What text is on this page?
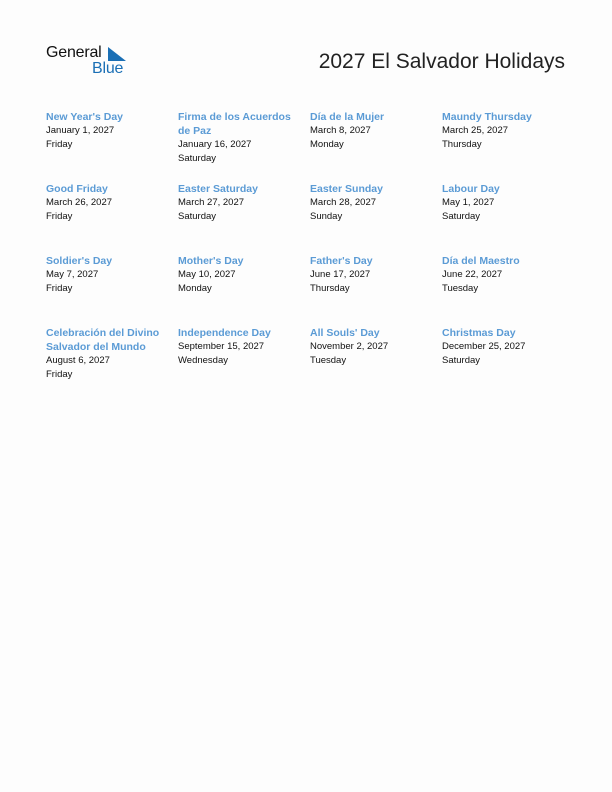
General
Blue	2027 El Salvador Holidays
New Year's Day
January 1, 2027
Friday
Firma de los Acuerdos de Paz
January 16, 2027
Saturday
Día de la Mujer
March 8, 2027
Monday
Maundy Thursday
March 25, 2027
Thursday
Good Friday
March 26, 2027
Friday
Easter Saturday
March 27, 2027
Saturday
Easter Sunday
March 28, 2027
Sunday
Labour Day
May 1, 2027
Saturday
Soldier's Day
May 7, 2027
Friday
Mother's Day
May 10, 2027
Monday
Father's Day
June 17, 2027
Thursday
Día del Maestro
June 22, 2027
Tuesday
Celebración del Divino Salvador del Mundo
August 6, 2027
Friday
Independence Day
September 15, 2027
Wednesday
All Souls' Day
November 2, 2027
Tuesday
Christmas Day
December 25, 2027
Saturday
